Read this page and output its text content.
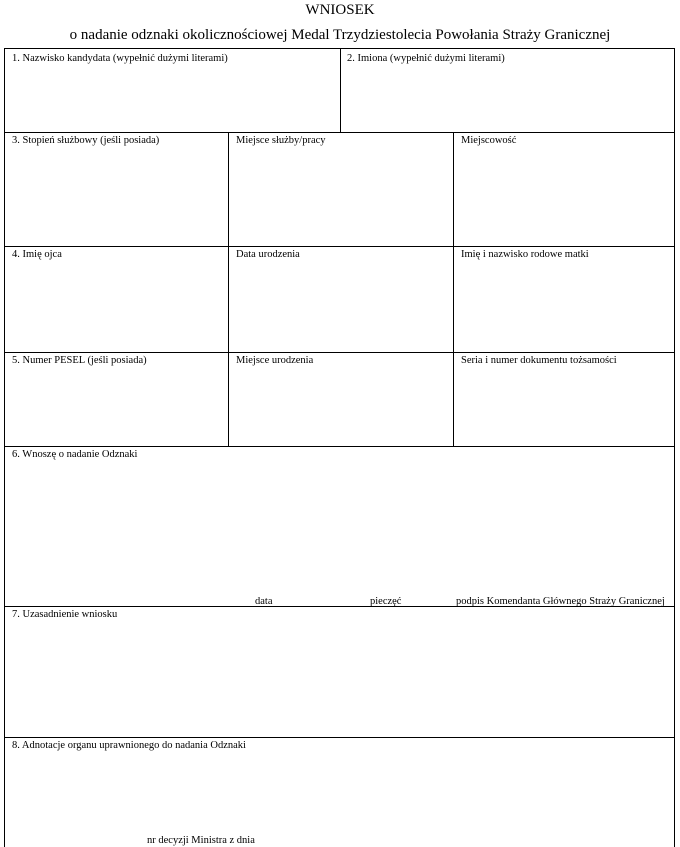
WNIOSEK
o nadanie odznaki okolicznościowej Medal Trzydziestolecia Powołania Straży Granicznej
1. Nazwisko kandydata (wypełnić dużymi literami)	2. Imiona (wypełnić dużymi literami)
3. Stopień służbowy (jeśli posiada)	Miejsce służby/pracy	Miejscowość
4. Imię ojca	Data urodzenia	Imię i nazwisko rodowe matki
5. Numer PESEL (jeśli posiada)	Miejsce urodzenia	Seria i numer dokumentu tożsamości
6. Wnoszę o nadanie Odznaki
data	pieczęć	podpis Komendanta Głównego Straży Granicznej
7. Uzasadnienie wniosku
8. Adnotacje organu uprawnionego do nadania Odznaki
nr decyzji Ministra z dnia
